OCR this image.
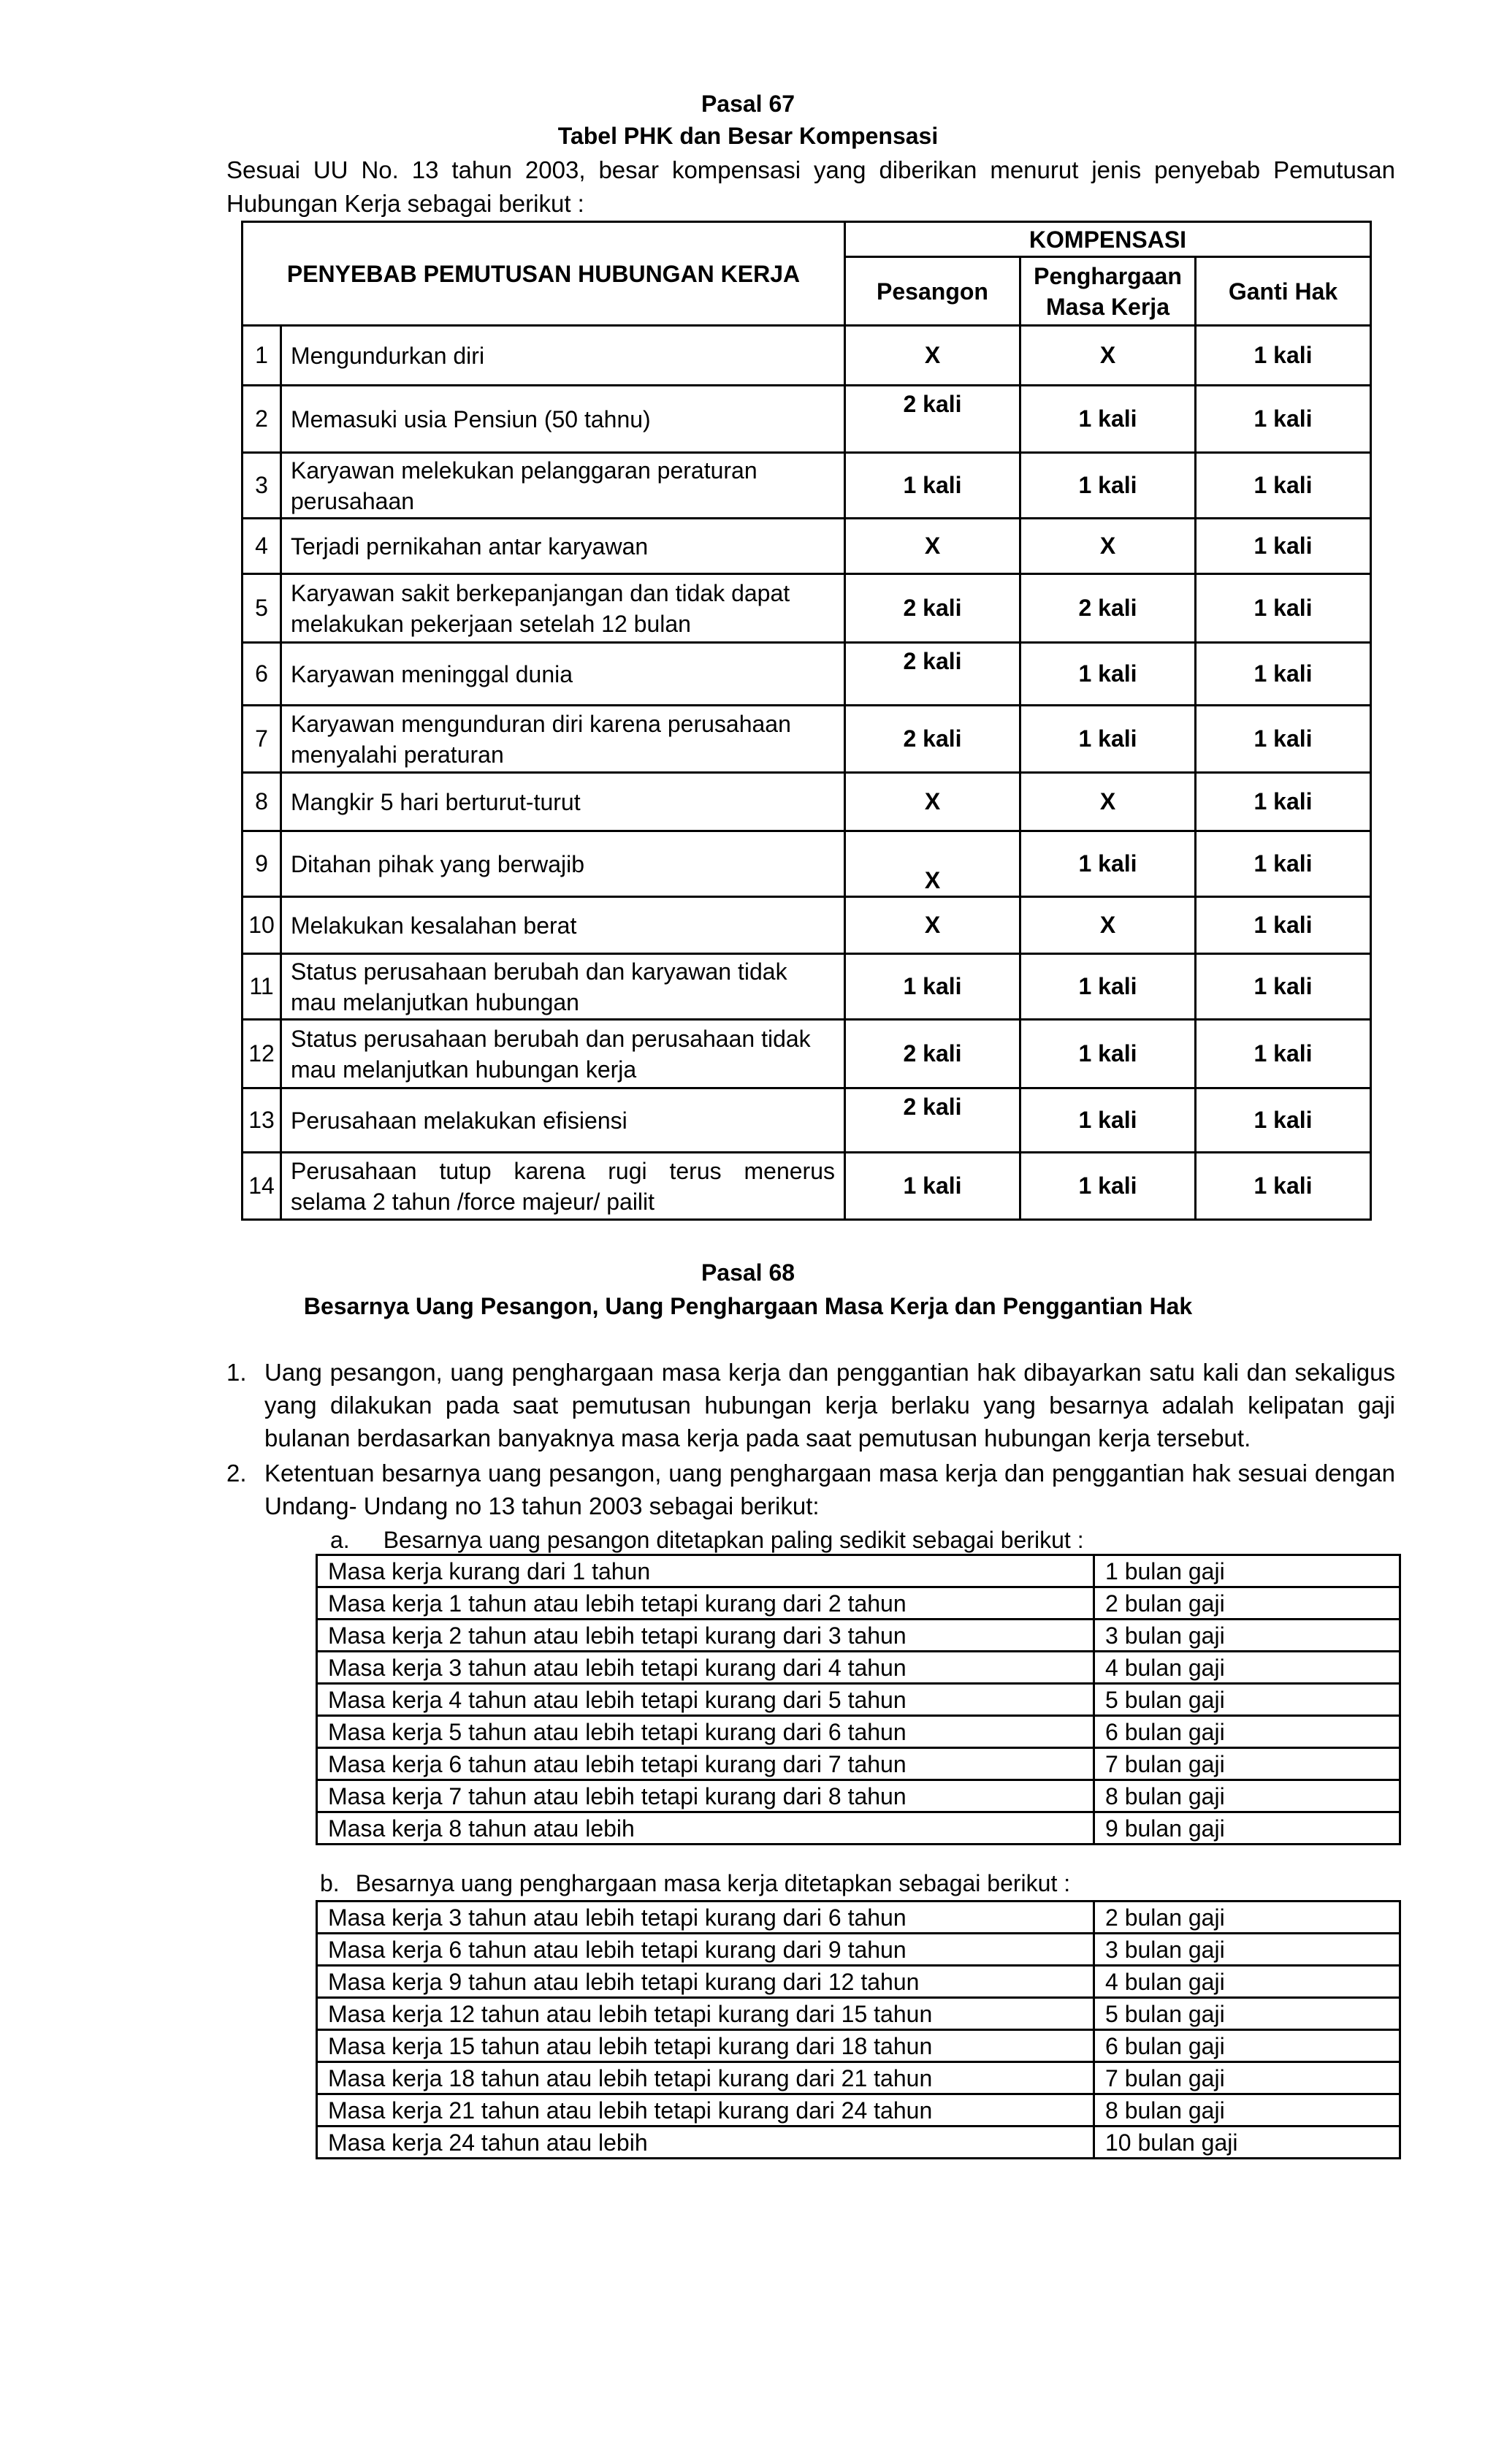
Pasal 67
Tabel PHK dan Besar Kompensasi
Sesuai UU No. 13 tahun 2003, besar kompensasi yang diberikan menurut jenis penyebab Pemutusan Hubungan Kerja sebagai berikut :
PENYEBAB PEMUTUSAN HUBUNGAN KERJA		KOMPENSASI		
		Pesangon	Penghargaan Masa Kerja	Ganti Hak
1	Mengundurkan diri	X	X	1 kali
2	Memasuki usia Pensiun (50 tahnu)	2 kali	1 kali	1 kali
3	Karyawan melekukan pelanggaran peraturan perusahaan	1 kali	1 kali	1 kali
4	Terjadi pernikahan antar karyawan	X	X	1 kali
5	Karyawan sakit berkepanjangan dan tidak dapat melakukan pekerjaan setelah 12 bulan	2 kali	2 kali	1 kali
6	Karyawan meninggal dunia	2 kali	1 kali	1 kali
7	Karyawan mengunduran diri karena perusahaan menyalahi peraturan	2 kali	1 kali	1 kali
8	Mangkir 5 hari berturut-turut	X	X	1 kali
9	Ditahan pihak yang berwajib	X	1 kali	1 kali
10	Melakukan kesalahan berat	X	X	1 kali
11	Status perusahaan berubah dan karyawan tidak mau melanjutkan hubungan	1 kali	1 kali	1 kali
12	Status perusahaan berubah dan perusahaan tidak mau melanjutkan hubungan kerja	2 kali	1 kali	1 kali
13	Perusahaan melakukan efisiensi	2 kali	1 kali	1 kali
14	Perusahaan tutup karena rugi terus menerus selama 2 tahun /force majeur/ pailit	1 kali	1 kali	1 kali
Pasal 68
Besarnya Uang Pesangon, Uang Penghargaan Masa Kerja dan Penggantian Hak
1. Uang pesangon, uang penghargaan masa kerja dan penggantian hak dibayarkan satu kali dan sekaligus yang dilakukan pada saat pemutusan hubungan kerja berlaku yang besarnya adalah kelipatan gaji bulanan berdasarkan banyaknya masa kerja pada saat pemutusan hubungan kerja tersebut.
2. Ketentuan besarnya uang pesangon, uang penghargaan masa kerja dan penggantian hak sesuai dengan Undang- Undang no 13 tahun 2003 sebagai berikut:
a. Besarnya uang pesangon ditetapkan paling sedikit sebagai berikut :
Masa kerja kurang dari 1 tahun	1 bulan gaji
Masa kerja 1 tahun atau lebih tetapi kurang dari 2 tahun	2 bulan gaji
Masa kerja 2 tahun atau lebih tetapi kurang dari 3 tahun	3 bulan gaji
Masa kerja 3 tahun atau lebih tetapi kurang dari 4 tahun	4 bulan gaji
Masa kerja 4 tahun atau lebih tetapi kurang dari 5 tahun	5 bulan gaji
Masa kerja 5 tahun atau lebih tetapi kurang dari 6 tahun	6 bulan gaji
Masa kerja 6 tahun atau lebih tetapi kurang dari 7 tahun	7 bulan gaji
Masa kerja 7 tahun atau lebih tetapi kurang dari 8 tahun	8 bulan gaji
Masa kerja 8 tahun atau lebih	9 bulan gaji
b. Besarnya uang penghargaan masa kerja ditetapkan sebagai berikut :
Masa kerja 3 tahun atau lebih tetapi kurang dari 6 tahun	2 bulan gaji
Masa kerja 6 tahun atau lebih tetapi kurang dari 9 tahun	3 bulan gaji
Masa kerja 9 tahun atau lebih tetapi kurang dari 12 tahun	4 bulan gaji
Masa kerja 12 tahun atau lebih tetapi kurang dari 15 tahun	5 bulan gaji
Masa kerja 15 tahun atau lebih tetapi kurang dari 18 tahun	6 bulan gaji
Masa kerja 18 tahun atau lebih tetapi kurang dari 21 tahun	7 bulan gaji
Masa kerja 21 tahun atau lebih tetapi kurang dari 24 tahun	8 bulan gaji
Masa kerja 24 tahun atau lebih	10 bulan gaji
